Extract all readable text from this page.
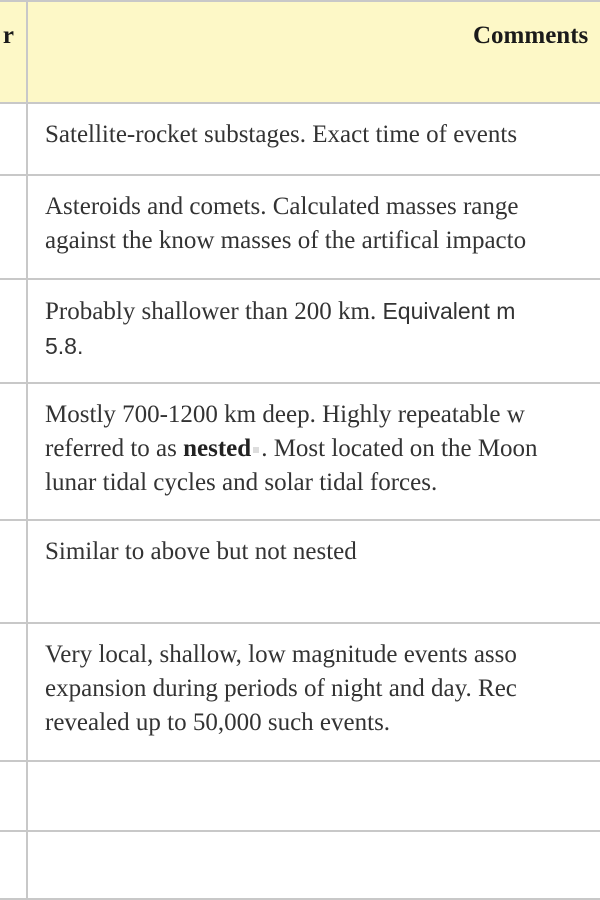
r	Comments
Satellite-rocket substages. Exact time of events
Asteroids and comets. Calculated masses range
against the know masses of the artifical impacto
Probably shallower than 200 km. Equivalent m
5.8.
Mostly 700-1200 km deep. Highly repeatable w
referred to as nested . Most located on the Moon
lunar tidal cycles and solar tidal forces.
Similar to above but not nested
Very local, shallow, low magnitude events asso
expansion during periods of night and day. Rec
revealed up to 50,000 such events.
